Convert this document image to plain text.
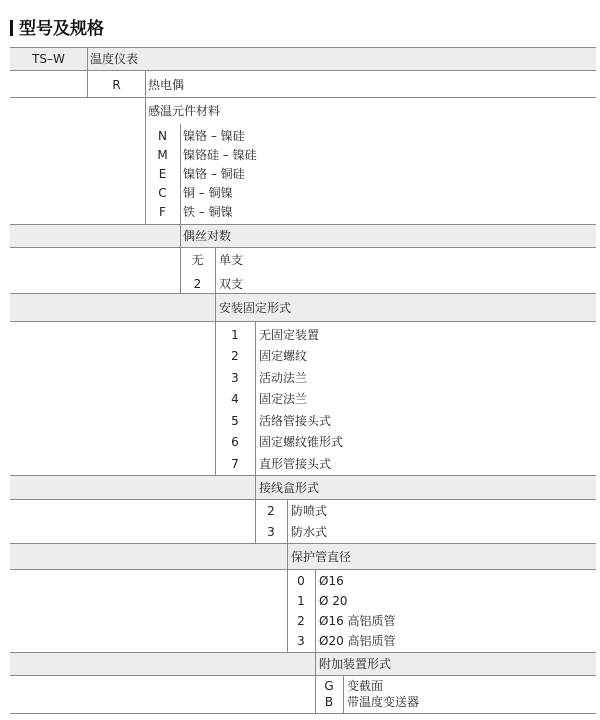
型号及规格
TS–W	温度仪表
R	热电偶
感温元件材料
N	镍铬 – 镍硅
M	镍铬硅 – 镍硅
E	镍铬 – 铜硅
C	铜 – 铜镍
F	铁 – 铜镍
偶丝对数
无	单支
2	双支
安装固定形式
1	无固定装置
2	固定螺纹
3	活动法兰
4	固定法兰
5	活络管接头式
6	固定螺纹锥形式
7	直形管接头式
接线盒形式
2	防喷式
3	防水式
保护管直径
0	Ø16
1	Ø 20
2	Ø16 高铝质管
3	Ø20 高铝质管
附加装置形式
G	变截面
B	带温度变送器
